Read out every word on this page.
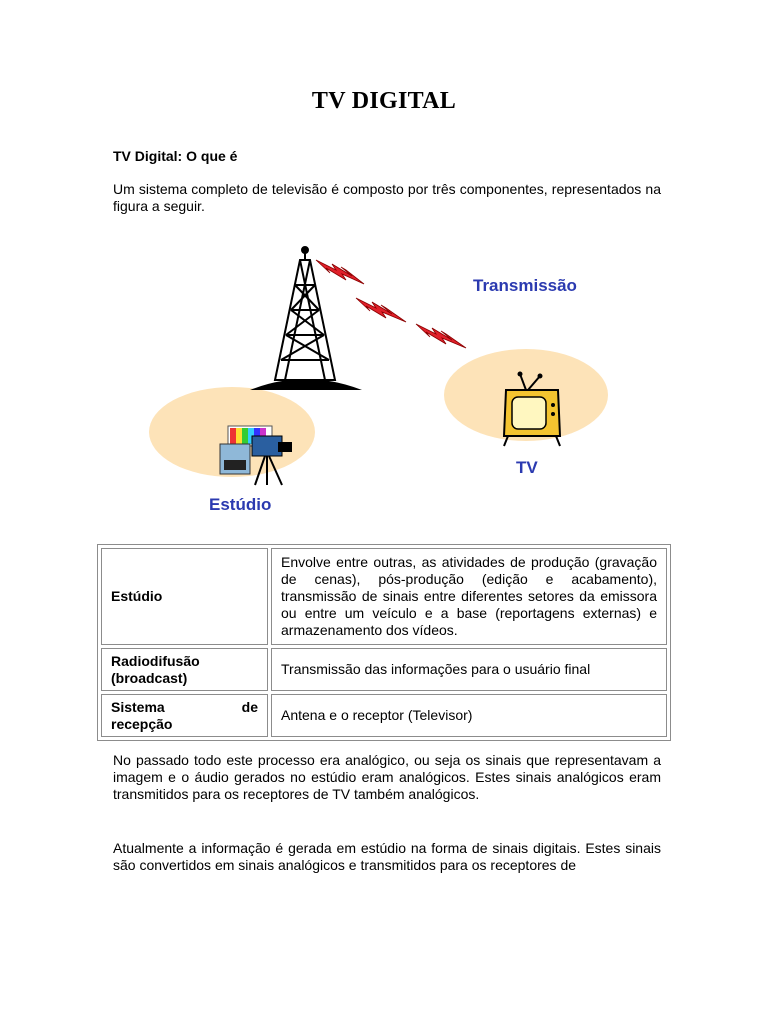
TV DIGITAL
TV Digital: O que é
Um sistema completo de televisão é composto por três componentes, representados na figura a seguir.
Transmissão
TV
Estúdio
Estúdio	Envolve entre outras, as atividades de produção (gravação de cenas), pós-produção (edição e acabamento), transmissão de sinais entre diferentes setores da emissora ou entre um veículo e a base (reportagens externas) e armazenamento dos vídeos.
Radiodifusão (broadcast)	Transmissão das informações para o usuário final

Sistema de
recepção	Antena e o receptor (Televisor)
No passado todo este processo era analógico, ou seja os sinais que representavam a imagem e o áudio gerados no estúdio eram analógicos. Estes sinais analógicos eram transmitidos para os receptores de TV também analógicos.
Atualmente a informação é gerada em estúdio na forma de sinais digitais. Estes sinais são convertidos em sinais analógicos e transmitidos para os receptores de
